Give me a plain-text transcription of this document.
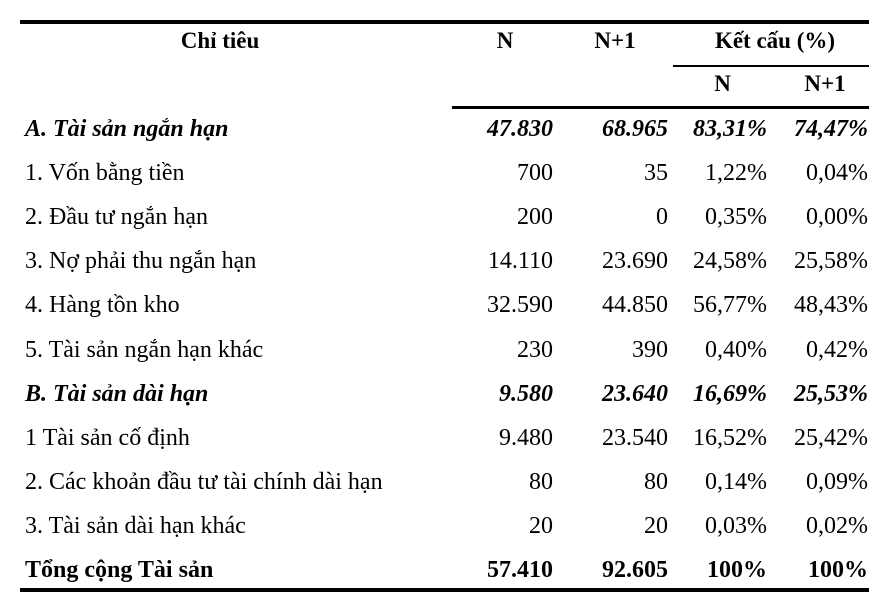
Chỉ tiêu	N	N+1	Kết cấu (%)
N	N+1
A. Tài sản ngắn hạn	47.830 68.965 83,31% 74,47%
1. Vốn bằng tiền	700	35 1,22% 0,04%
2. Đầu tư ngắn hạn	200	0 0,35% 0,00%
3. Nợ phải thu ngắn hạn	14.110 23.690 24,58% 25,58%
4. Hàng tồn kho	32.590 44.850 56,77% 48,43%
5. Tài sản ngắn hạn khác	230	390 0,40% 0,42%
B. Tài sản dài hạn	9.580 23.640 16,69% 25,53%
1 Tài sản cố định	9.480 23.540 16,52% 25,42%
2. Các khoản đầu tư tài chính dài hạn	80	80 0,14% 0,09%
3. Tài sản dài hạn khác	20	20 0,03% 0,02%
Tổng cộng Tài sản	57.410 92.605 100% 100%
